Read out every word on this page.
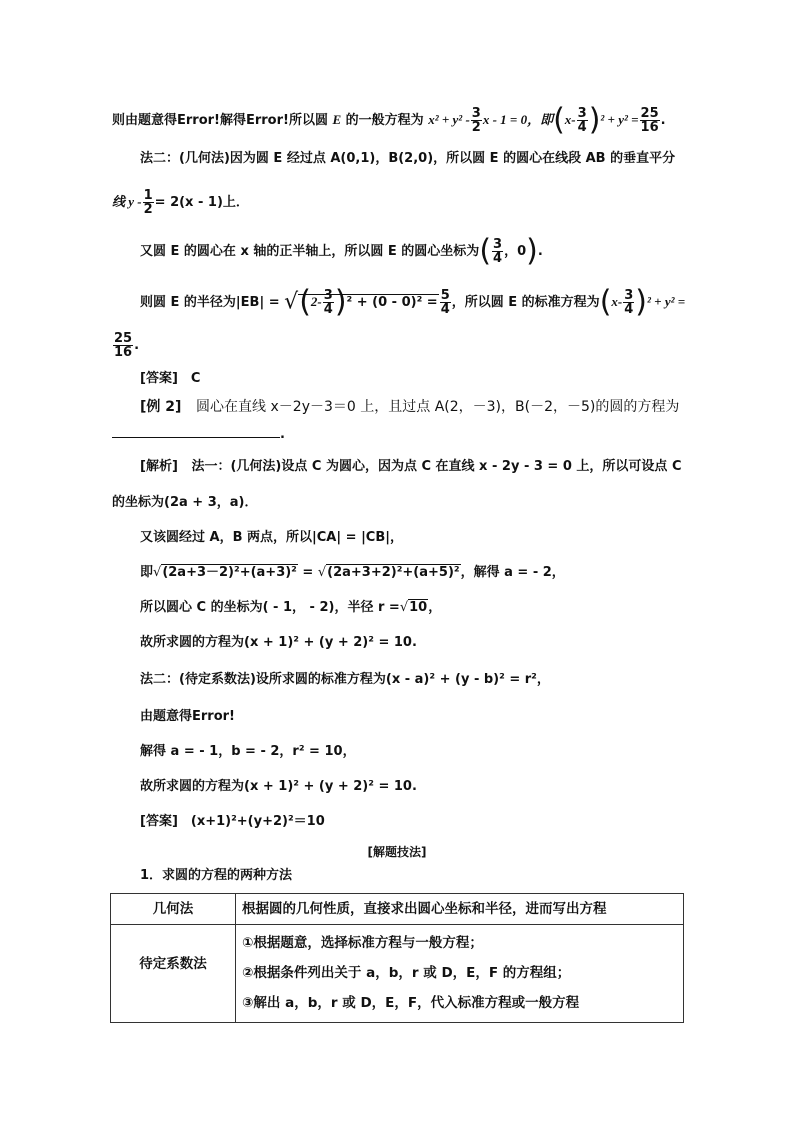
则由题意得Error!解得Error!所以圆 E 的一般方程为 $x^2 + y^2 - \frac{3}{2}$ x - 1 = 0，即$(x- \frac{3}{4} )^2 + y^2 = \frac{25}{16}$ .
法二：(几何法)因为圆 E 经过点 A(0,1)，B(2,0)，所以圆 E 的圆心在线段 AB 的垂直平分
线 $y - \frac{1}{2} = 2(x - 1)$上．
又圆 E 的圆心在 x 轴的正半轴上，所以圆 E 的圆心坐标为( $\frac{3}{4}$ ，0).
则圆 E 的半径为$|EB| = √(2- \frac{3}{4} )^2 + (0 - 0)^2 = \frac{5}{4}$ ，所以圆 E 的标准方程为$(x- \frac{3}{4} )^2 + y^2$ =
$\frac{25}{16}$ .
[答案]　C
[例 2] 圆心在直线 x－2y－3＝0 上，且过点 A(2，－3)，B(－2，－5)的圆的方程为
.
[解析] 法一：(几何法)设点 C 为圆心，因为点 C 在直线 x - 2y - 3 = 0 上，所以可设点 C
的坐标为(2a + 3，a)．
又该圆经过 A，B 两点，所以|CA| = |CB|，
即√(2a+3－2)²+(a+3)² = √(2a+3+2)²+(a+5)²，解得 a = - 2，
所以圆心 C 的坐标为( - 1， - 2)，半径 r =√10，
故所求圆的方程为(x + 1)² + (y + 2)² = 10.
法二：(待定系数法)设所求圆的标准方程为(x - a)² + (y - b)² = r²，
由题意得Error!
解得 a = - 1，b = - 2，r² = 10，
故所求圆的方程为(x + 1)² + (y + 2)² = 10.
[答案]　(x+1)²+(y+2)²＝10
[解题技法]
1．求圆的方程的两种方法
几何法	根据圆的几何性质，直接求出圆心坐标和半径，进而写出方程
待定系数法	①根据题意，选择标准方程与一般方程；
②根据条件列出关于 a，b，r 或 D，E，F 的方程组；
③解出 a，b，r 或 D，E，F，代入标准方程或一般方程
